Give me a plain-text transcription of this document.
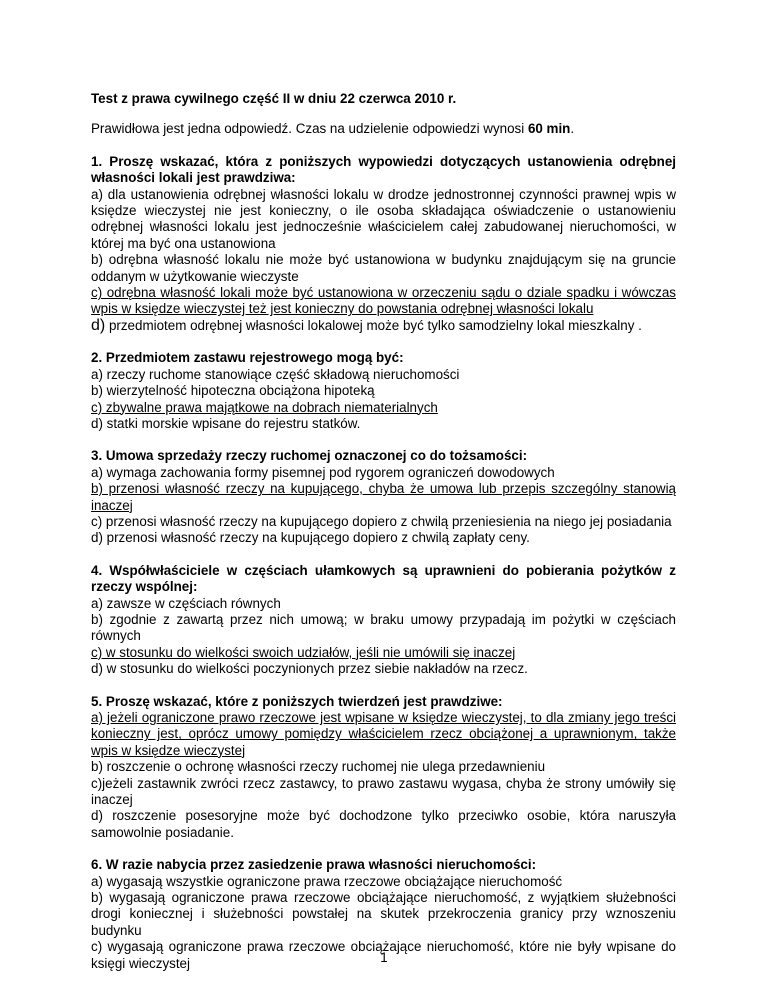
Test z prawa cywilnego część II w dniu 22 czerwca 2010 r.
Prawidłowa jest jedna odpowiedź. Czas na udzielenie odpowiedzi wynosi 60 min.
1. Proszę wskazać, która z poniższych wypowiedzi dotyczących ustanowienia odrębnej własności lokali jest prawdziwa:
a) dla ustanowienia odrębnej własności lokalu w drodze jednostronnej czynności prawnej wpis w księdze wieczystej nie jest konieczny, o ile osoba składająca oświadczenie o ustanowieniu odrębnej własności lokalu jest jednocześnie właścicielem całej zabudowanej nieruchomości, w której ma być ona ustanowiona
b) odrębna własność lokalu nie może być ustanowiona w budynku znajdującym się na gruncie oddanym w użytkowanie wieczyste
c) odrębna własność lokali może być ustanowiona w orzeczeniu sądu o dziale spadku i wówczas wpis w księdze wieczystej też jest konieczny do powstania odrębnej własności lokalu
d) przedmiotem odrębnej własności lokalowej może być tylko samodzielny lokal mieszkalny .
2. Przedmiotem zastawu rejestrowego mogą być:
a) rzeczy ruchome stanowiące część składową nieruchomości
b) wierzytelność hipoteczna obciążona hipoteką
c) zbywalne prawa majątkowe na dobrach niematerialnych
d) statki morskie wpisane do rejestru statków.
3. Umowa sprzedaży rzeczy ruchomej oznaczonej co do tożsamości:
a) wymaga zachowania formy pisemnej pod rygorem ograniczeń dowodowych
b) przenosi własność rzeczy na kupującego, chyba że umowa lub przepis szczególny stanowią inaczej
c) przenosi własność rzeczy na kupującego dopiero z chwilą przeniesienia na niego jej posiadania
d) przenosi własność rzeczy na kupującego dopiero z chwilą zapłaty ceny.
4. Współwłaściciele w częściach ułamkowych są uprawnieni do pobierania pożytków z rzeczy wspólnej:
a) zawsze w częściach równych
b) zgodnie z zawartą przez nich umową; w braku umowy przypadają im pożytki w częściach równych
c) w stosunku do wielkości swoich udziałów, jeśli nie umówili się inaczej
d) w stosunku do wielkości poczynionych przez siebie nakładów na rzecz.
5. Proszę wskazać, które z poniższych twierdzeń jest prawdziwe:
a) jeżeli ograniczone prawo rzeczowe jest wpisane w księdze wieczystej, to dla zmiany jego treści konieczny jest, oprócz umowy pomiędzy właścicielem rzecz obciążonej a uprawnionym, także wpis w księdze wieczystej
b) roszczenie o ochronę własności rzeczy ruchomej nie ulega przedawnieniu
c)jeżeli zastawnik zwróci rzecz zastawcy, to prawo zastawu wygasa, chyba że strony umówiły się inaczej
d) roszczenie posesoryjne może być dochodzone tylko przeciwko osobie, która naruszyła samowolnie posiadanie.
6. W razie nabycia przez zasiedzenie prawa własności nieruchomości:
a) wygasają wszystkie ograniczone prawa rzeczowe obciążające nieruchomość
b) wygasają ograniczone prawa rzeczowe obciążające nieruchomość, z wyjątkiem służebności drogi koniecznej i służebności powstałej na skutek przekroczenia granicy przy wznoszeniu budynku
c) wygasają ograniczone prawa rzeczowe obciążające nieruchomość, które nie były wpisane do księgi wieczystej	1
